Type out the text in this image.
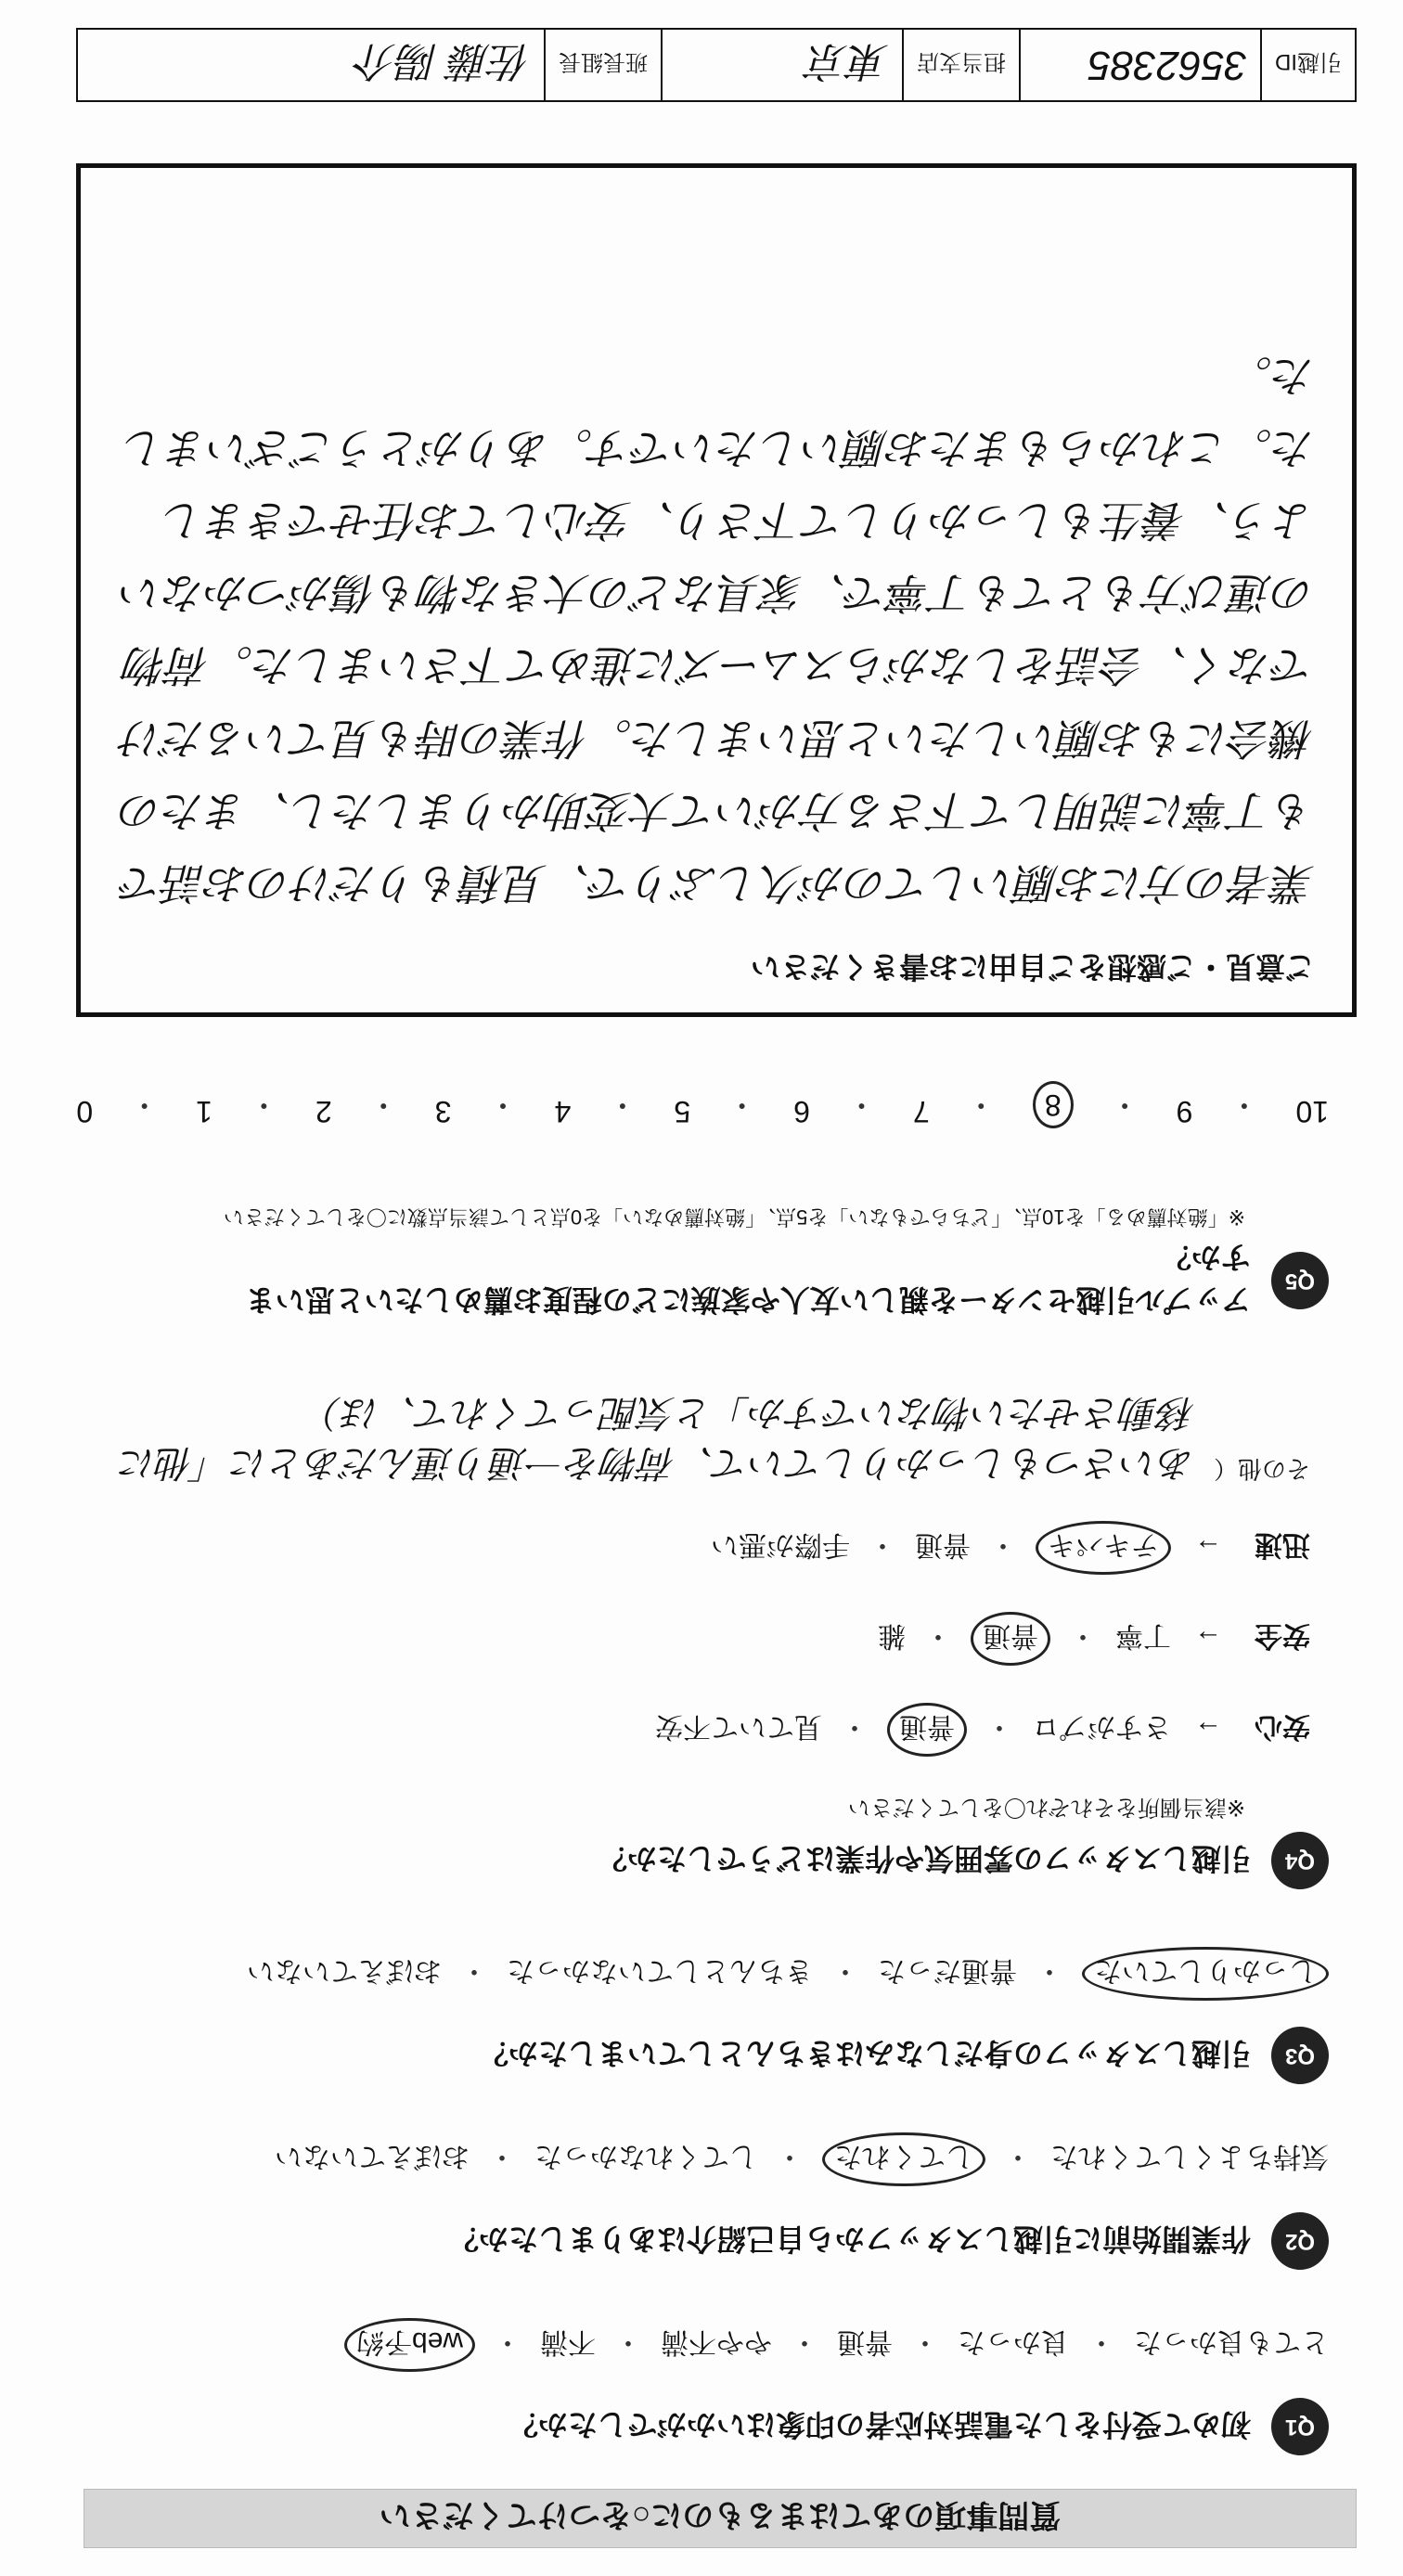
質問事項のあてはまるものに○をつけてください
Q1
初めて受付をした電話対応者の印象はいかがでしたか？
とても良かった
・
良かった
・
普通
・
やや不満
・
不満
・
web予約
Q2
作業開始前に引越しスタッフから自己紹介はありましたか？
気持ちよくしてくれた
・
してくれた
・
してくれなかった
・
おぼえていない
Q3
引越しスタッフの身だしなみはきちんとしていましたか？
しっかりしていた
・
普通だった
・
きちんとしていなかった
・
おぼえていない
Q4
引越しスタッフの雰囲気や作業はどうでしたか？
※該当個所をそれぞれ〇をしてください
安心
→
さすがプロ
・
普通
・
見ていて不安
安全
→
丁寧
・
普通
・
雑
迅速
→
テキパキ
・
普通
・
手際が悪い
その他（
あいさつもしっかりしていて、荷物を一通り運んだあとに「他に移動させたい物ないですか」と気配ってくれて、ほ）
Q5
アップル引越センターを親しい友人や家族にどの程度お薦めしたいと思いますか？
※「絶対薦める」を10点、「どちらでもない」を5点、「絶対薦めない」を0点として該当点数に〇をしてください
10
・
9
・
8
・
7
・
6
・
5
・
4
・
3
・
2
・
1
・
0
ご意見・ご感想をご自由にお書きください
業者の方にお願いしてのが久しぶりで、見積もりだけのお話でも丁寧に説明して下さる方がいて大変助かりましたし、またの機会にもお願いしたいと思いました。作業の時も見ているだけでなく、会話をしながらスムーズに進めて下さいました。荷物の運び方もとても丁寧で、家具などの大きな物も傷がつかないよう、養生もしっかりして下さり、安心してお任せできました。これからもまたお願いしたいです。ありがとうございました。
引越ID
3562385
担当支店
東京
班長組長
佐藤 陽介
